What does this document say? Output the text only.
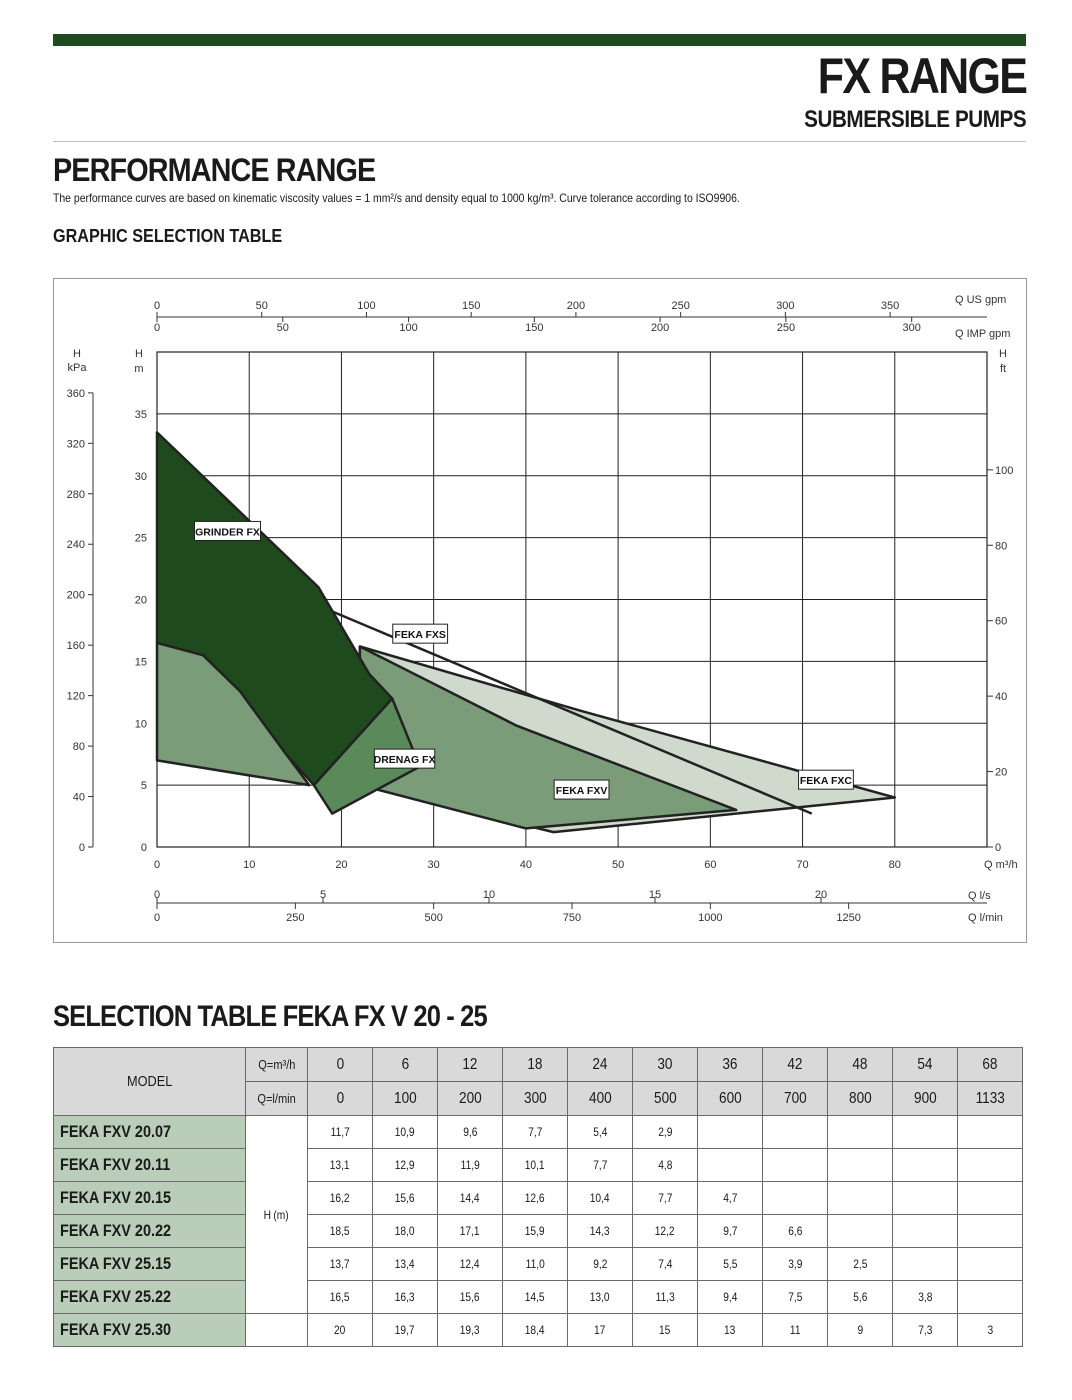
FX RANGE
SUBMERSIBLE PUMPS
PERFORMANCE RANGE
The performance curves are based on kinematic viscosity values = 1 mm²/s and density equal to 1000 kg/m³. Curve tolerance according to ISO9906.
GRAPHIC SELECTION TABLE
GRINDER FX
FEKA FXS
DRENAG FX
FEKA FXV
FEKA FXC
0
5
10
15
20
25
30
35
H
m
0
40
80
120
160
200
240
280
320
360
H
kPa
0
20
40
60
80
100
H
ft
0	10	20	30	40	50	60	70	80	Q m³/h
0	50	100	150	200	250	300	350	Q US gpm
0	50	100	150	200	250	300	Q IMP gpm
0	5	10	15	20	Q l/s
0	250	500	750	1000	1250	Q l/min
SELECTION TABLE FEKA FX V 20 - 25
MODEL	Q=m³/h	0	6	12	18	24	30	36	42	48	54	68
	Q=l/min	0	100	200	300	400	500	600	700	800	900	1133
FEKA FXV 20.07	H (m)	11,7	10,9	9,6	7,7	5,4	2,9					
FEKA FXV 20.11		13,1	12,9	11,9	10,1	7,7	4,8					
FEKA FXV 20.15		16,2	15,6	14,4	12,6	10,4	7,7	4,7				
FEKA FXV 20.22		18,5	18,0	17,1	15,9	14,3	12,2	9,7	6,6			
FEKA FXV 25.15		13,7	13,4	12,4	11,0	9,2	7,4	5,5	3,9	2,5		
FEKA FXV 25.22		16,5	16,3	15,6	14,5	13,0	11,3	9,4	7,5	5,6	3,8	
FEKA FXV 25.30		20	19,7	19,3	18,4	17	15	13	11	9	7,3	3
